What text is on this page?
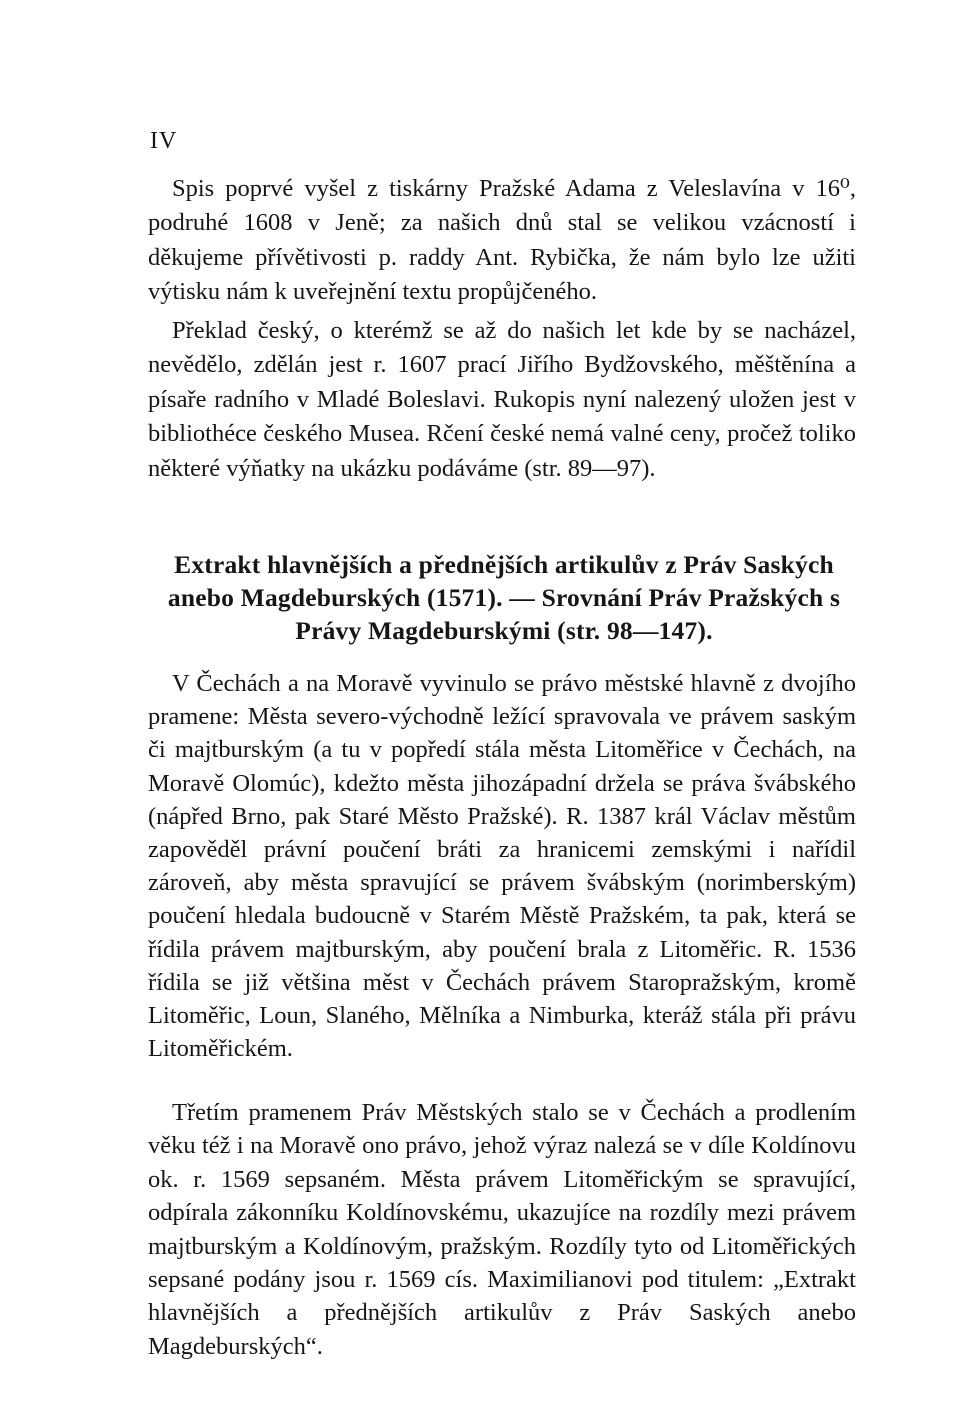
IV

Spis poprvé vyšel z tiskárny Pražské Adama z Veleslavína v 16⁰, podruhé 1608 v Jeně; za našich dnů stal se velikou vzácností i děkujeme přívětivosti p. raddy Ant. Rybička, že nám bylo lze užiti výtisku nám k uveřejnění textu propůjčeného.

Překlad český, o kterémž se až do našich let kde by se nacházel, nevědělo, zdělán jest r. 1607 prací Jiřího Bydžovského, měštěnína a písaře radního v Mladé Boleslavi. Rukopis nyní nalezený uložen jest v bibliothéce českého Musea. Rčení české nemá valné ceny, pročež toliko některé výňatky na ukázku podáváme (str. 89—97).

Extrakt hlavnějších a přednějších artikulův z Práv Saských anebo Magdeburských (1571). — Srovnání Práv Pražských s Právy Magdeburskými (str. 98—147).

V Čechách a na Moravě vyvinulo se právo městské hlavně z dvojího pramene: Města severo-východně ležící spravovala ve právem saským či majtburským (a tu v popředí stála města Litoměřice v Čechách, na Moravě Olomúc), kdežto města jihozápadní držela se práva švábského (nápřed Brno, pak Staré Město Pražské). R. 1387 král Václav městům zapověděl právní poučení bráti za hranicemi zemskými i nařídil zároveň, aby města spravující se právem švábským (norimberským) poučení hledala budoucně v Starém Městě Pražském, ta pak, která se řídila právem majtburským, aby poučení brala z Litoměřic. R. 1536 řídila se již většina měst v Čechách právem Staropražským, kromě Litoměřic, Loun, Slaného, Mělníka a Nimburka, kteráž stála při právu Litoměřickém.

Třetím pramenem Práv Městských stalo se v Čechách a prodlením věku též i na Moravě ono právo, jehož výraz nalezá se v díle Koldínovu ok. r. 1569 sepsaném. Města právem Litoměřickým se spravující, odpírala zákonníku Koldínovskému, ukazujíce na rozdíly mezi právem majtburským a Koldínovým, pražským. Rozdíly tyto od Litoměřických sepsané podány jsou r. 1569 cís. Maximilianovi pod titulem: „Extrakt hlavnějších a přednějších artikulův z Práv Saských anebo Magdeburských“.
